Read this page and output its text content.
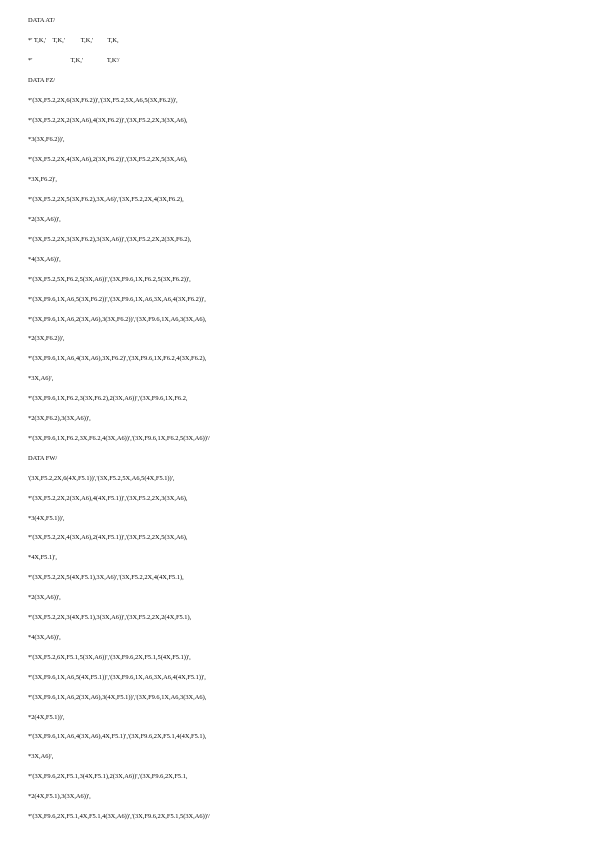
DATA AT/
*' T,K,'    T,K,'          T,K,'         T,K,
*'                        T,K,'               T,K'/
DATA FZ/
*'(3X,F5.2,2X,6(3X,F6.2))','(3X,F5.2,5X,A6,5(3X,F6.2))',
*'(3X,F5.2,2X,2(3X,A6),4(3X,F6.2))','(3X,F5.2,2X,3(3X,A6),
*3(3X,F6.2))',
*'(3X,F5.2,2X,4(3X,A6),2(3X,F6.2))','(3X,F5.2,2X,5(3X,A6),
*3X,F6.2)',
*'(3X,F5.2,2X,5(3X,F6.2),3X,A6)','(3X,F5.2,2X,4(3X,F6.2),
*2(3X,A6))',
*'(3X,F5.2,2X,3(3X,F6.2),3(3X,A6))','(3X,F5.2,2X,2(3X,F6.2),
*4(3X,A6))',
*'(3X,F5.2,5X,F6.2,5(3X,A6))','(3X,F9.6,1X,F6.2,5(3X,F6.2))',
*'(3X,F9.6,1X,A6,5(3X,F6.2))','(3X,F9.6,1X,A6,3X,A6,4(3X,F6.2))',
*'(3X,F9.6,1X,A6,2(3X,A6),3(3X,F6.2))','(3X,F9.6,1X,A6,3(3X,A6),
*2(3X,F6.2))',
*'(3X,F9.6,1X,A6,4(3X,A6),3X,F6.2)','(3X,F9.6,1X,F6.2,4(3X,F6.2),
*3X,A6)',
*'(3X,F9.6,1X,F6.2,3(3X,F6.2),2(3X,A6))','(3X,F9.6,1X,F6.2,
*2(3X,F6.2),3(3X,A6))',
*'(3X,F9.6,1X,F6.2,3X,F6.2,4(3X,A6))','(3X,F9.6,1X,F6.2,5(3X,A6))'/
DATA FW/
'(3X,F5.2,2X,6(4X,F5.1))','(3X,F5.2,5X,A6,5(4X,F5.1))',
*'(3X,F5.2,2X,2(3X,A6),4(4X,F5.1))','(3X,F5.2,2X,3(3X,A6),
*3(4X,F5.1))',
*'(3X,F5.2,2X,4(3X,A6),2(4X,F5.1))','(3X,F5.2,2X,5(3X,A6),
*4X,F5.1)',
*'(3X,F5.2,2X,5(4X,F5.1),3X,A6)','(3X,F5.2,2X,4(4X,F5.1),
*2(3X,A6))',
*'(3X,F5.2,2X,3(4X,F5.1),3(3X,A6))','(3X,F5.2,2X,2(4X,F5.1),
*4(3X,A6))',
*'(3X,F5.2,6X,F5.1,5(3X,A6))','(3X,F9.6,2X,F5.1,5(4X,F5.1))',
*'(3X,F9.6,1X,A6,5(4X,F5.1))','(3X,F9.6,1X,A6,3X,A6,4(4X,F5.1))',
*'(3X,F9.6,1X,A6,2(3X,A6),3(4X,F5.1))','(3X,F9.6,1X,A6,3(3X,A6),
*2(4X,F5.1))',
*'(3X,F9.6,1X,A6,4(3X,A6),4X,F5.1)','(3X,F9.6,2X,F5.1,4(4X,F5.1),
*3X,A6)',
*'(3X,F9.6,2X,F5.1,3(4X,F5.1),2(3X,A6))','(3X,F9.6,2X,F5.1,
*2(4X,F5.1),3(3X,A6))',
*'(3X,F9.6,2X,F5.1,4X,F5.1,4(3X,A6))','(3X,F9.6,2X,F5.1,5(3X,A6))'/
